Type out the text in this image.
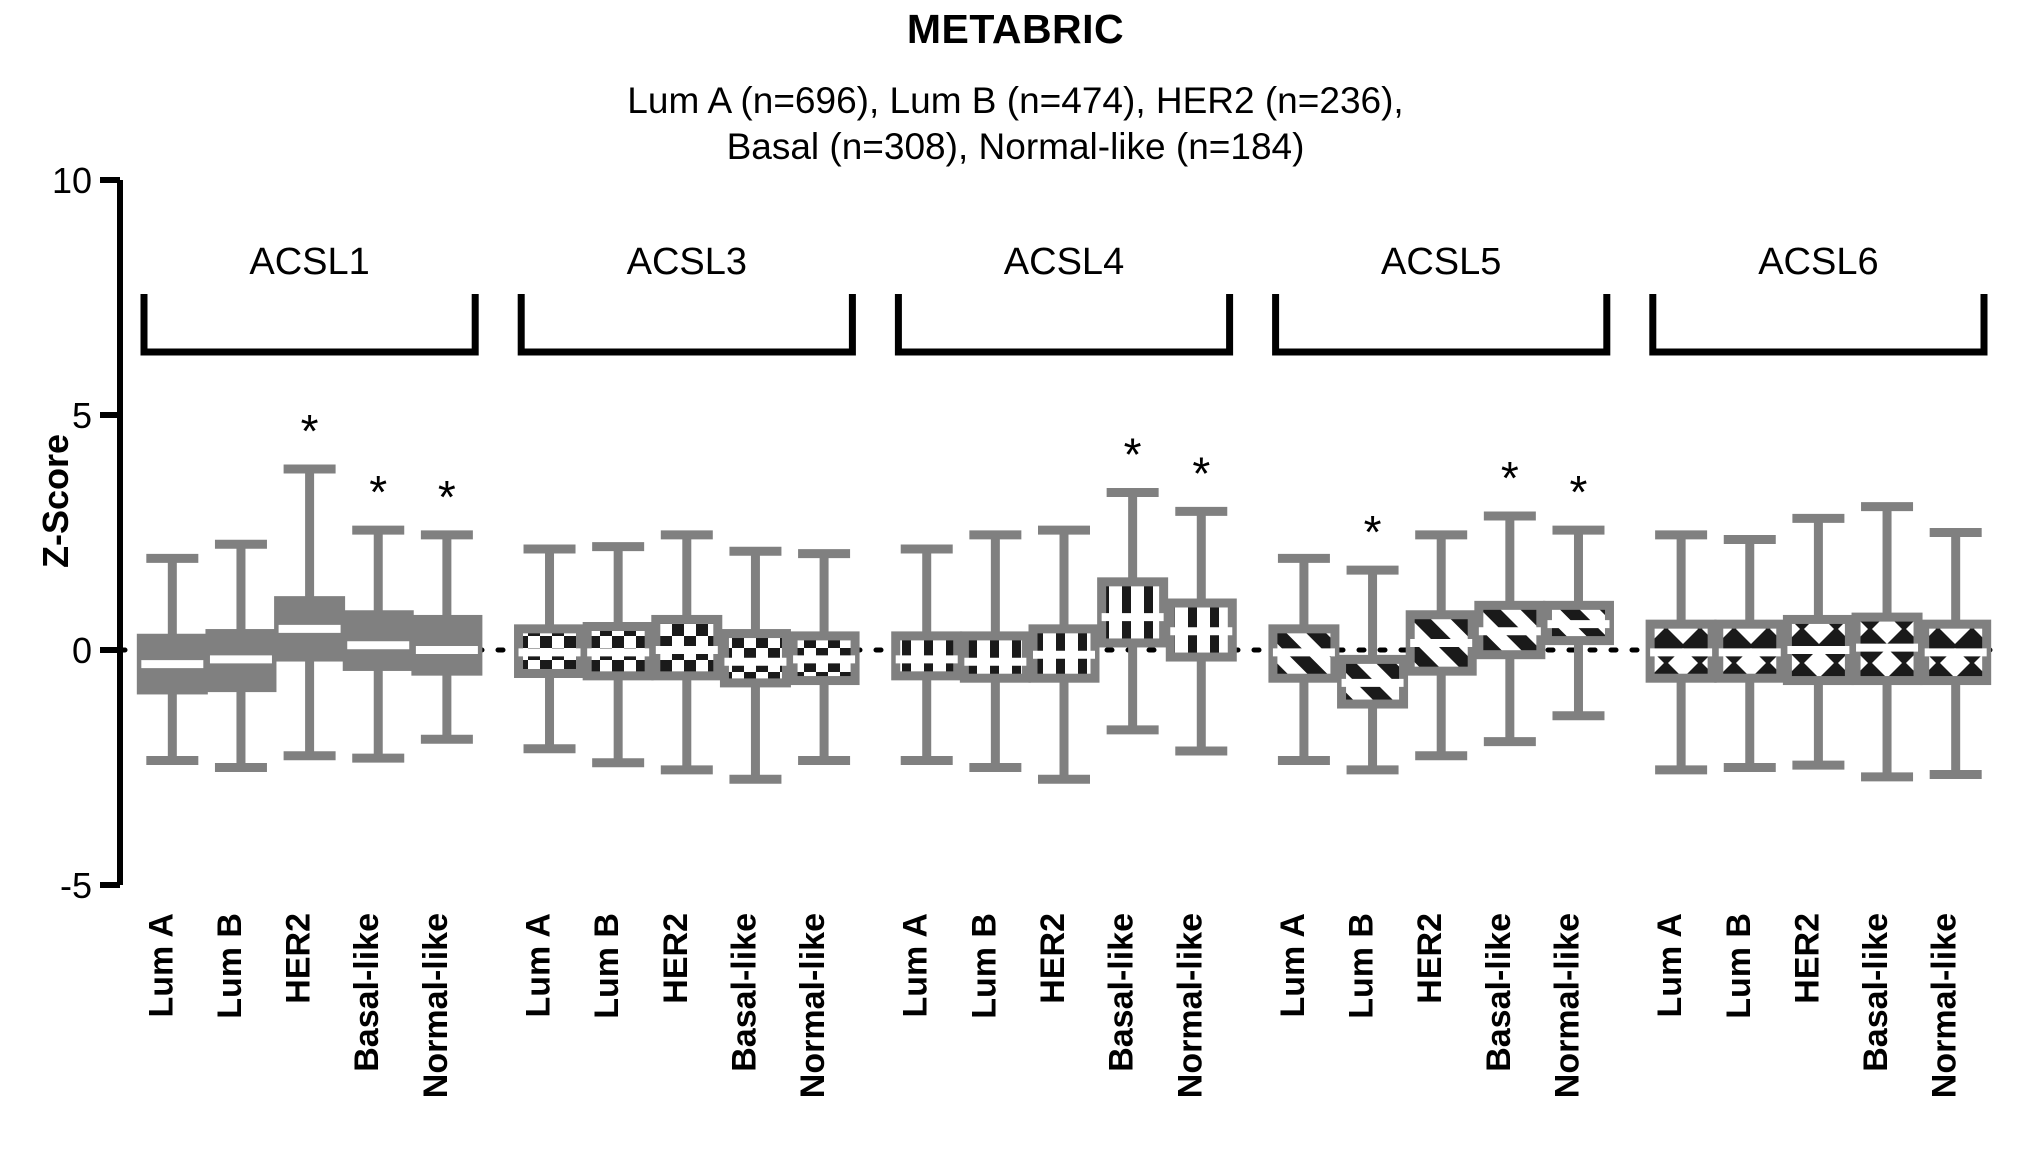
METABRIC
Lum A (n=696), Lum B (n=474), HER2 (n=236),
Basal (n=308), Normal-like (n=184)
Z-Score
-5
0
5
10
ACSL1
Lum A Lum B
*
HER2
*
Basal-like
*
Normal-like
ACSL3
Lum A Lum B HER2 Basal-like Normal-like
ACSL4
Lum A Lum B HER2
*
Basal-like
*
Normal-like
ACSL5
Lum A
*
Lum B HER2
*
Basal-like
*
Normal-like
ACSL6
Lum A Lum B HER2 Basal-like Normal-like
